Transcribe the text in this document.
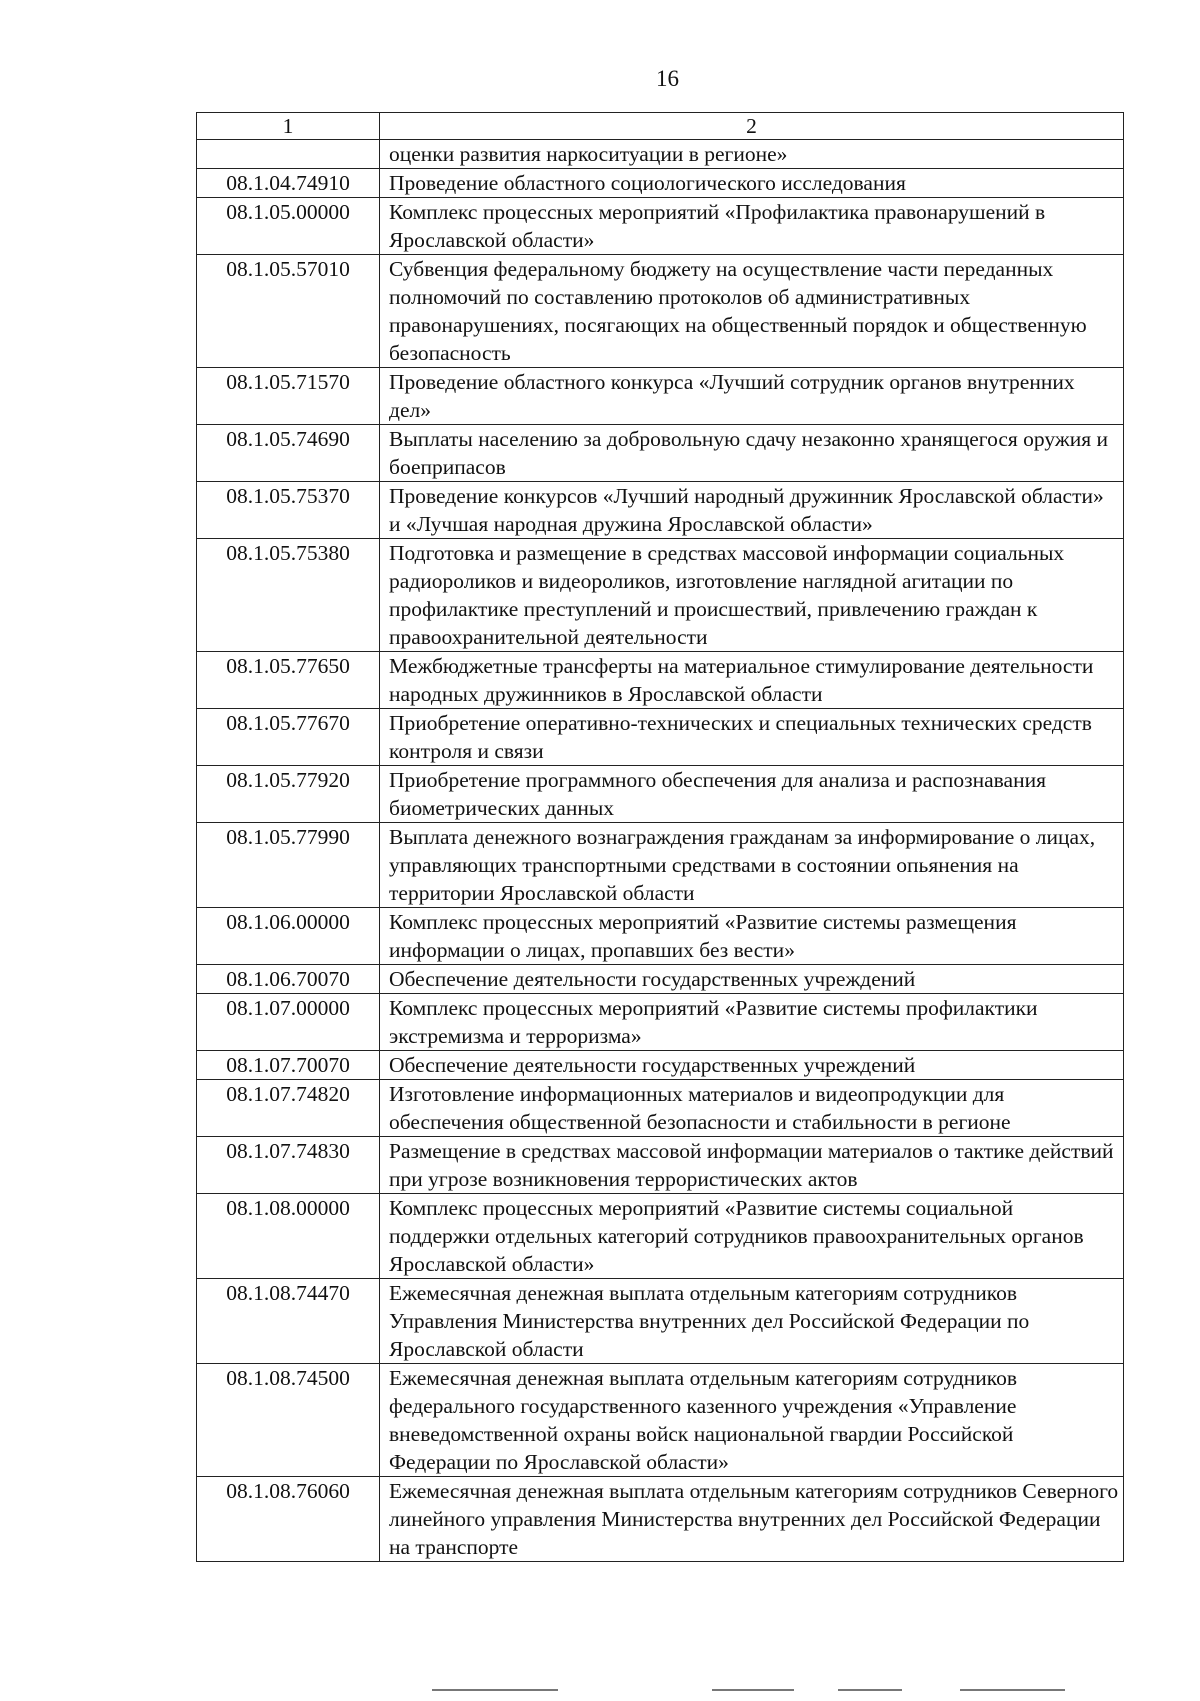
16
1	2
	оценки развития наркоситуации в регионе»
08.1.04.74910	Проведение областного социологического исследования
08.1.05.00000	Комплекс процессных мероприятий «Профилактика правонарушений в Ярославской области»
08.1.05.57010	Субвенция федеральному бюджету на осуществление части переданных полномочий по составлению протоколов об административных правонарушениях, посягающих на общественный порядок и общественную безопасность
08.1.05.71570	Проведение областного конкурса «Лучший сотрудник органов внутренних дел»
08.1.05.74690	Выплаты населению за добровольную сдачу незаконно хранящегося оружия и боеприпасов
08.1.05.75370	Проведение конкурсов «Лучший народный дружинник Ярославской области» и «Лучшая народная дружина Ярославской области»
08.1.05.75380	Подготовка и размещение в средствах массовой информации социальных радиороликов и видеороликов, изготовление наглядной агитации по профилактике преступлений и происшествий, привлечению граждан к правоохранительной деятельности
08.1.05.77650	Межбюджетные трансферты на материальное стимулирование деятельности народных дружинников в Ярославской области
08.1.05.77670	Приобретение оперативно-технических и специальных технических средств контроля и связи
08.1.05.77920	Приобретение программного обеспечения для анализа и распознавания биометрических данных
08.1.05.77990	Выплата денежного вознаграждения гражданам за информирование о лицах, управляющих транспортными средствами в состоянии опьянения на территории Ярославской области
08.1.06.00000	Комплекс процессных мероприятий «Развитие системы размещения информации о лицах, пропавших без вести»
08.1.06.70070	Обеспечение деятельности государственных учреждений
08.1.07.00000	Комплекс процессных мероприятий «Развитие системы профилактики экстремизма и терроризма»
08.1.07.70070	Обеспечение деятельности государственных учреждений
08.1.07.74820	Изготовление информационных материалов и видеопродукции для обеспечения общественной безопасности и стабильности в регионе
08.1.07.74830	Размещение в средствах массовой информации материалов о тактике действий при угрозе возникновения террористических актов
08.1.08.00000	Комплекс процессных мероприятий «Развитие системы социальной поддержки отдельных категорий сотрудников правоохранительных органов Ярославской области»
08.1.08.74470	Ежемесячная денежная выплата отдельным категориям сотрудников Управления Министерства внутренних дел Российской Федерации по Ярославской области
08.1.08.74500	Ежемесячная денежная выплата отдельным категориям сотрудников федерального государственного казенного учреждения «Управление вневедомственной охраны войск национальной гвардии Российской Федерации по Ярославской области»
08.1.08.76060	Ежемесячная денежная выплата отдельным категориям сотрудников Северного линейного управления Министерства внутренних дел Российской Федерации на транспорте
